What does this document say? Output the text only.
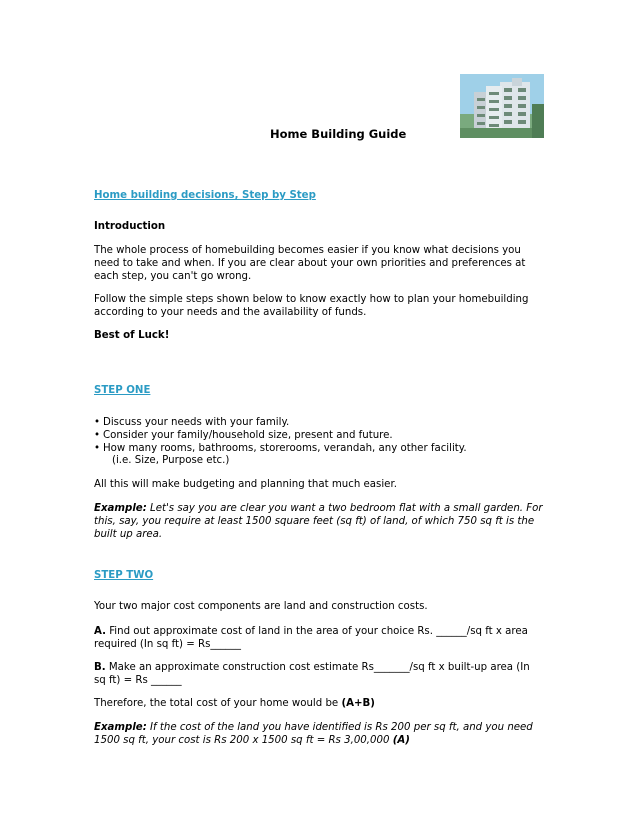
Home Building Guide
Home building decisions, Step by Step
Introduction
The whole process of homebuilding becomes easier if you know what decisions you need to take and when. If you are clear about your own priorities and preferences at each step, you can't go wrong.
Follow the simple steps shown below to know exactly how to plan your homebuilding according to your needs and the availability of funds.
Best of Luck!
STEP ONE
• Discuss your needs with your family.
• Consider your family/household size, present and future.
• How many rooms, bathrooms, storerooms, verandah, any other facility.
(i.e. Size, Purpose etc.)
All this will make budgeting and planning that much easier.
Example: Let's say you are clear you want a two bedroom flat with a small garden. For this, say, you require at least 1500 square feet (sq ft) of land, of which 750 sq ft is the built up area.
STEP TWO
Your two major cost components are land and construction costs.
A. Find out approximate cost of land in the area of your choice Rs. ______/sq ft x area required (In sq ft) = Rs______
B. Make an approximate construction cost estimate Rs_______/sq ft x built-up area (In sq ft) = Rs ______
Therefore, the total cost of your home would be (A+B)
Example: If the cost of the land you have identified is Rs 200 per sq ft, and you need 1500 sq ft, your cost is Rs 200 x 1500 sq ft = Rs 3,00,000 (A)
